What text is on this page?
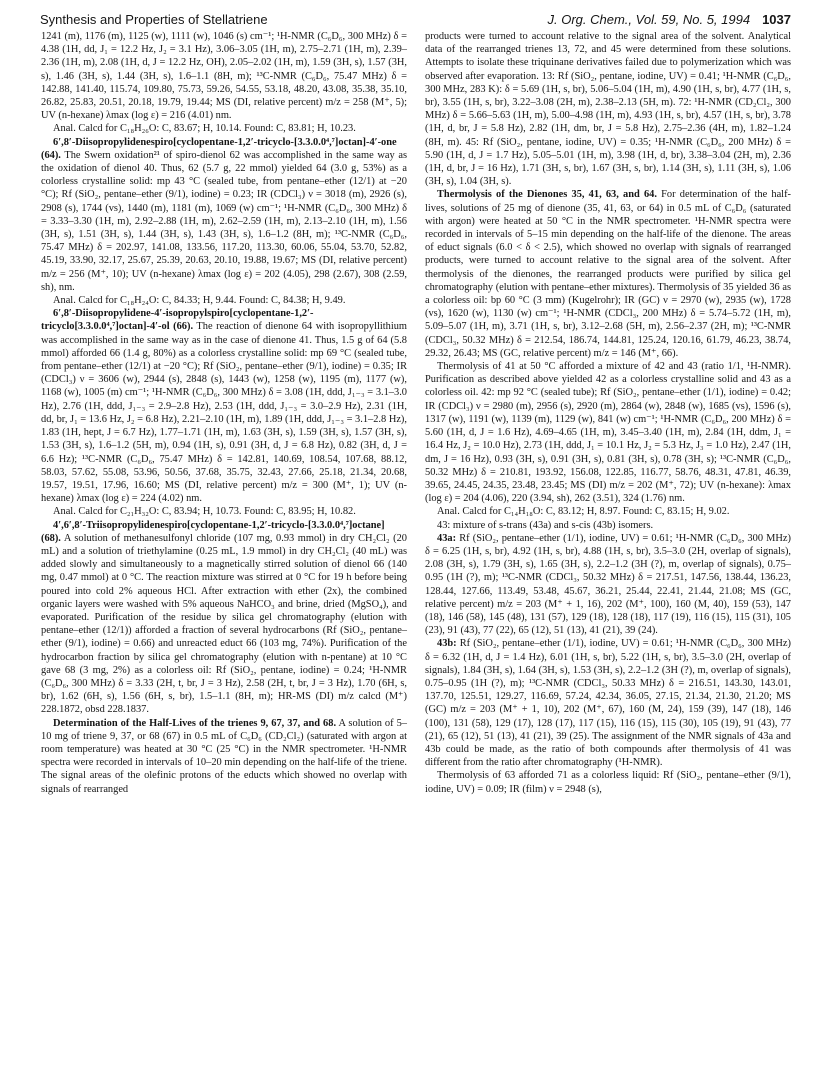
Synthesis and Properties of Stellatriene	J. Org. Chem., Vol. 59, No. 5, 1994 1037

1241 (m), 1176 (m), 1125 (w), 1111 (w), 1046 (s) cm⁻¹; ¹H-NMR (C₆D₆, 300 MHz) δ = 4.38 (1H, dd, J₁ = 12.2 Hz, J₂ = 3.1 Hz), 3.06–3.05 (1H, m), 2.75–2.71 (1H, m), 2.39–2.36 (1H, m), 2.08 (1H, d, J = 12.2 Hz, OH), 2.05–2.02 (1H, m), 1.59 (3H, s), 1.57 (3H, s), 1.46 (3H, s), 1.44 (3H, s), 1.6–1.1 (8H, m); ¹³C-NMR (C₆D₆, 75.47 MHz) δ = 142.88, 141.40, 115.74, 109.80, 75.73, 59.26, 54.55, 53.18, 48.20, 43.08, 35.38, 35.10, 26.82, 25.83, 20.51, 20.18, 19.79, 19.44; MS (DI, relative percent) m/z = 258 (M⁺, 5); UV (n-hexane) λmax (log ε) = 216 (4.01) nm.

Anal. Calcd for C₁₈H₂₆O: C, 83.67; H, 10.14. Found: C, 83.81; H, 10.23.

6′,8′-Diisopropylidenespiro[cyclopentane-1,2′-tricyclo-[3.3.0.0⁴,⁷]octan]-4′-one (64). The Swern oxidation²¹ of spiro-dienol 62 was accomplished in the same way as the oxidation of dienol 40. Thus, 62 (5.7 g, 22 mmol) yielded 64 (3.0 g, 53%) as a colorless crystalline solid: mp 43 °C (sealed tube, from pentane–ether (12/1) at −20 °C); Rf (SiO₂, pentane–ether (9/1), iodine) = 0.23; IR (CDCl₃) ν = 3018 (m), 2926 (s), 2908 (s), 1744 (vs), 1440 (m), 1181 (m), 1069 (w) cm⁻¹; ¹H-NMR (C₆D₆, 300 MHz) δ = 3.33–3.30 (1H, m), 2.92–2.88 (1H, m), 2.62–2.59 (1H, m), 2.13–2.10 (1H, m), 1.56 (3H, s), 1.51 (3H, s), 1.44 (3H, s), 1.43 (3H, s), 1.6–1.2 (8H, m); ¹³C-NMR (C₆D₆, 75.47 MHz) δ = 202.97, 141.08, 133.56, 117.20, 113.30, 60.06, 55.04, 53.70, 52.82, 45.19, 33.90, 32.17, 25.67, 25.39, 20.63, 20.10, 19.88, 19.67; MS (DI, relative percent) m/z = 256 (M⁺, 10); UV (n-hexane) λmax (log ε) = 202 (4.05), 298 (2.67), 308 (2.59, sh), nm.

Anal. Calcd for C₁₈H₂₄O: C, 84.33; H, 9.44. Found: C, 84.38; H, 9.49.

6′,8′-Diisopropylidene-4′-isopropylspiro[cyclopentane-1,2′-tricyclo[3.3.0.0⁴,⁷]octan]-4′-ol (66). The reaction of dienone 64 with isopropyllithium was accomplished in the same way as in the case of dienone 41. Thus, 1.5 g of 64 (5.8 mmol) afforded 66 (1.4 g, 80%) as a colorless crystalline solid: mp 69 °C (sealed tube, from pentane–ether (12/1) at −20 °C); Rf (SiO₂, pentane–ether (9/1), iodine) = 0.35; IR (CDCl₃) ν = 3606 (w), 2944 (s), 2848 (s), 1443 (w), 1258 (w), 1195 (m), 1177 (w), 1168 (w), 1005 (m) cm⁻¹; ¹H-NMR (C₆D₆, 300 MHz) δ = 3.08 (1H, ddd, J₁₋₃ = 3.1–3.0 Hz), 2.76 (1H, ddd, J₁₋₃ = 2.9–2.8 Hz), 2.53 (1H, ddd, J₁₋₃ = 3.0–2.9 Hz), 2.31 (1H, dd, br, J₁ = 13.6 Hz, J₂ = 6.8 Hz), 2.21–2.10 (1H, m), 1.89 (1H, ddd, J₁₋₃ = 3.1–2.8 Hz), 1.83 (1H, hept, J = 6.7 Hz), 1.77–1.71 (1H, m), 1.63 (3H, s), 1.59 (3H, s), 1.57 (3H, s), 1.53 (3H, s), 1.6–1.2 (5H, m), 0.94 (1H, s), 0.91 (3H, d, J = 6.8 Hz), 0.82 (3H, d, J = 6.6 Hz); ¹³C-NMR (C₆D₆, 75.47 MHz) δ = 142.81, 140.69, 108.54, 107.68, 88.12, 58.03, 57.62, 55.08, 53.96, 50.56, 37.68, 35.75, 32.43, 27.66, 25.18, 21.34, 20.68, 19.57, 19.51, 17.96, 16.60; MS (DI, relative percent) m/z = 300 (M⁺, 1); UV (n-hexane) λmax (log ε) = 224 (4.02) nm.

Anal. Calcd for C₂₁H₃₂O: C, 83.94; H, 10.73. Found: C, 83.95; H, 10.82.

4′,6′,8′-Triisopropylidenespiro[cyclopentane-1,2′-tricyclo-[3.3.0.0⁴,⁷]octane] (68). A solution of methanesulfonyl chloride (107 mg, 0.93 mmol) in dry CH₂Cl₂ (20 mL) and a solution of triethylamine (0.25 mL, 1.9 mmol) in dry CH₂Cl₂ (40 mL) was added slowly and simultaneously to a magnetically stirred solution of dienol 66 (140 mg, 0.47 mmol) at 0 °C. The reaction mixture was stirred at 0 °C for 19 h before being poured into cold 2% aqueous HCl. After extraction with ether (2x), the combined organic layers were washed with 5% aqueous NaHCO₃ and brine, dried (MgSO₄), and evaporated. Purification of the residue by silica gel chromatography (elution with pentane–ether (12/1)) afforded a fraction of several hydrocarbons (Rf (SiO₂, pentane–ether (9/1), iodine) = 0.66) and unreacted educt 66 (103 mg, 74%). Purification of the hydrocarbon fraction by silica gel chromatography (elution with n-pentane) at 10 °C gave 68 (3 mg, 2%) as a colorless oil: Rf (SiO₂, pentane, iodine) = 0.24; ¹H-NMR (C₆D₆, 300 MHz) δ = 3.33 (2H, t, br, J = 3 Hz), 2.58 (2H, t, br, J = 3 Hz), 1.70 (6H, s, br), 1.62 (6H, s), 1.56 (6H, s, br), 1.5–1.1 (8H, m); HR-MS (DI) m/z calcd (M⁺) 228.1872, obsd 228.1837.

Determination of the Half-Lives of the trienes 9, 67, 37, and 68. A solution of 5–10 mg of triene 9, 37, or 68 (67) in 0.5 mL of C₆D₆ (CD₂Cl₂) (saturated with argon at room temperature) was heated at 30 °C (25 °C) in the NMR spectrometer. ¹H-NMR spectra were recorded in intervals of 10–20 min depending on the half-life of the triene. The signal areas of the olefinic protons of the educts which showed no overlap with signals of rearranged

products were turned to account relative to the signal area of the solvent. Analytical data of the rearranged trienes 13, 72, and 45 were determined from these solutions. Attempts to isolate these triquinane derivatives failed due to polymerization which was observed after evaporation. 13: Rf (SiO₂, pentane, iodine, UV) = 0.41; ¹H-NMR (C₆D₆, 300 MHz, 283 K): δ = 5.69 (1H, s, br), 5.06–5.04 (1H, m), 4.90 (1H, s, br), 4.77 (1H, s, br), 3.55 (1H, s, br), 3.22–3.08 (2H, m), 2.38–2.13 (5H, m). 72: ¹H-NMR (CD₂Cl₂, 300 MHz) δ = 5.66–5.63 (1H, m), 5.00–4.98 (1H, m), 4.93 (1H, s, br), 4.57 (1H, s, br), 3.78 (1H, d, br, J = 5.8 Hz), 2.82 (1H, dm, br, J = 5.8 Hz), 2.75–2.36 (4H, m), 1.82–1.24 (8H, m). 45: Rf (SiO₂, pentane, iodine, UV) = 0.35; ¹H-NMR (C₆D₆, 200 MHz) δ = 5.90 (1H, d, J = 1.7 Hz), 5.05–5.01 (1H, m), 3.98 (1H, d, br), 3.38–3.04 (2H, m), 2.36 (1H, d, br, J = 16 Hz), 1.71 (3H, s, br), 1.67 (3H, s, br), 1.14 (3H, s), 1.11 (3H, s), 1.06 (3H, s), 1.04 (3H, s).

Thermolysis of the Dienones 35, 41, 63, and 64. For determination of the half-lives, solutions of 25 mg of dienone (35, 41, 63, or 64) in 0.5 mL of C₆D₆ (saturated with argon) were heated at 50 °C in the NMR spectrometer. ¹H-NMR spectra were recorded in intervals of 5–15 min depending on the half-life of the dienone. The areas of educt signals (6.0 < δ < 2.5), which showed no overlap with signals of rearranged products, were turned to account relative to the signal area of the solvent. After thermolysis of the dienones, the rearranged products were purified by silica gel chromatography (elution with pentane–ether mixtures). Thermolysis of 35 yielded 36 as a colorless oil: bp 60 °C (3 mm) (Kugelrohr); IR (GC) ν = 2970 (w), 2935 (w), 1728 (vs), 1620 (w), 1130 (w) cm⁻¹; ¹H-NMR (CDCl₃, 200 MHz) δ = 5.74–5.72 (1H, m), 5.09–5.07 (1H, m), 3.71 (1H, s, br), 3.12–2.68 (5H, m), 2.56–2.37 (2H, m); ¹³C-NMR (CDCl₃, 50.32 MHz) δ = 212.54, 186.74, 144.81, 125.24, 120.16, 61.79, 46.23, 38.74, 29.32, 26.43; MS (GC, relative percent) m/z = 146 (M⁺, 66).

Thermolysis of 41 at 50 °C afforded a mixture of 42 and 43 (ratio 1/1, ¹H-NMR). Purification as described above yielded 42 as a colorless crystalline solid and 43 as a colorless oil. 42: mp 92 °C (sealed tube); Rf (SiO₂, pentane–ether (1/1), iodine) = 0.42; IR (CDCl₃) ν = 2980 (m), 2956 (s), 2920 (m), 2864 (w), 2848 (w), 1685 (vs), 1596 (s), 1317 (w), 1191 (w), 1139 (m), 1129 (w), 841 (w) cm⁻¹; ¹H-NMR (C₆D₆, 200 MHz) δ = 5.60 (1H, d, J = 1.6 Hz), 4.69–4.65 (1H, m), 3.45–3.40 (1H, m), 2.84 (1H, ddm, J₁ = 16.4 Hz, J₂ = 10.0 Hz), 2.73 (1H, ddd, J₁ = 10.1 Hz, J₂ = 5.3 Hz, J₃ = 1.0 Hz), 2.47 (1H, dm, J = 16 Hz), 0.93 (3H, s), 0.91 (3H, s), 0.81 (3H, s), 0.78 (3H, s); ¹³C-NMR (C₆D₆, 50.32 MHz) δ = 210.81, 193.92, 156.08, 122.85, 116.77, 58.76, 48.31, 47.81, 46.39, 39.65, 24.45, 24.35, 23.48, 23.45; MS (DI) m/z = 202 (M⁺, 72); UV (n-hexane): λmax (log ε) = 204 (4.06), 220 (3.94, sh), 262 (3.51), 324 (1.76) nm.

Anal. Calcd for C₁₄H₁₈O: C, 83.12; H, 8.97. Found: C, 83.15; H, 9.02.

43: mixture of s-trans (43a) and s-cis (43b) isomers.

43a: Rf (SiO₂, pentane–ether (1/1), iodine, UV) = 0.61; ¹H-NMR (C₆D₆, 300 MHz) δ = 6.25 (1H, s, br), 4.92 (1H, s, br), 4.88 (1H, s, br), 3.5–3.0 (2H, overlap of signals), 2.08 (3H, s), 1.79 (3H, s), 1.65 (3H, s), 2.2–1.2 (3H (?), m, overlap of signals), 0.75–0.95 (1H (?), m); ¹³C-NMR (CDCl₃, 50.32 MHz) δ = 217.51, 147.56, 138.44, 136.23, 128.44, 127.66, 113.49, 53.48, 45.67, 36.21, 25.44, 22.41, 21.44, 21.08; MS (GC, relative percent) m/z = 203 (M⁺ + 1, 16), 202 (M⁺, 100), 160 (M, 40), 159 (53), 147 (18), 146 (58), 145 (48), 131 (57), 129 (18), 128 (18), 117 (19), 116 (15), 115 (31), 105 (23), 91 (43), 77 (22), 65 (12), 51 (13), 41 (21), 39 (24).

43b: Rf (SiO₂, pentane–ether (1/1), iodine, UV) = 0.61; ¹H-NMR (C₆D₆, 300 MHz) δ = 6.32 (1H, d, J = 1.4 Hz), 6.01 (1H, s, br), 5.22 (1H, s, br), 3.5–3.0 (2H, overlap of signals), 1.84 (3H, s), 1.64 (3H, s), 1.53 (3H, s), 2.2–1.2 (3H (?), m, overlap of signals), 0.75–0.95 (1H (?), m); ¹³C-NMR (CDCl₃, 50.33 MHz) δ = 216.51, 143.30, 143.01, 137.70, 125.51, 129.27, 116.69, 57.24, 42.34, 36.05, 27.15, 21.34, 21.30, 21.20; MS (GC) m/z = 203 (M⁺ + 1, 10), 202 (M⁺, 67), 160 (M, 24), 159 (39), 147 (18), 146 (100), 131 (58), 129 (17), 128 (17), 117 (15), 116 (15), 115 (30), 105 (19), 91 (43), 77 (21), 65 (12), 51 (13), 41 (21), 39 (25). The assignment of the NMR signals of 43a and 43b could be made, as the ratio of both compounds after thermolysis of 41 was different from the ratio after chromatography (¹H-NMR).

Thermolysis of 63 afforded 71 as a colorless liquid: Rf (SiO₂, pentane–ether (9/1), iodine, UV) = 0.09; IR (film) ν = 2948 (s),
